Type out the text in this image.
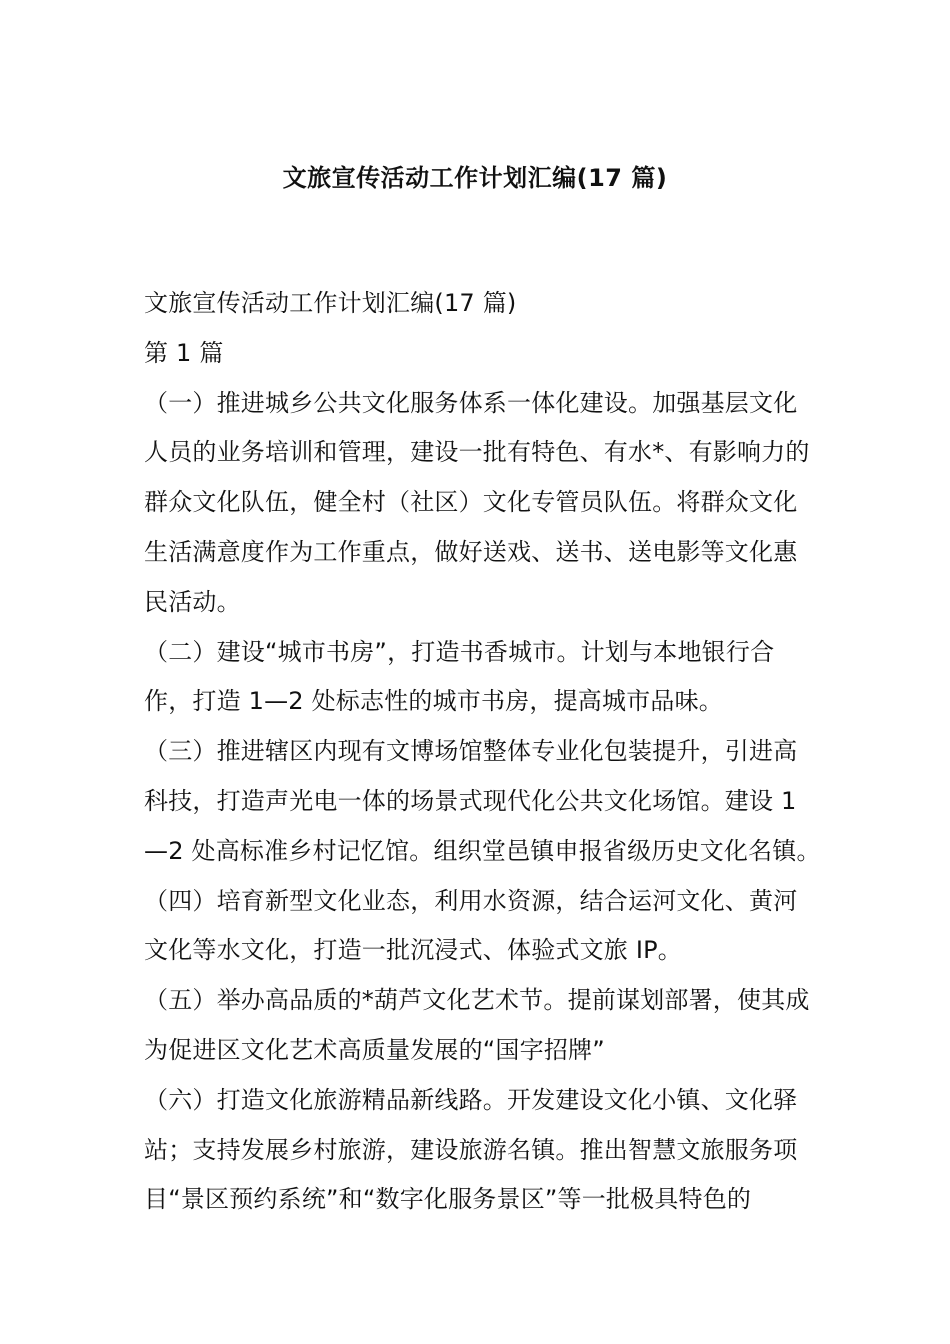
文旅宣传活动工作计划汇编(17 篇)
文旅宣传活动工作计划汇编(17 篇)
第 1 篇
（一）推进城乡公共文化服务体系一体化建设。加强基层文化
人员的业务培训和管理，建设一批有特色、有水*、有影响力的
群众文化队伍，健全村（社区）文化专管员队伍。将群众文化
生活满意度作为工作重点，做好送戏、送书、送电影等文化惠
民活动。
（二）建设“城市书房”，打造书香城市。计划与本地银行合
作，打造 1—2 处标志性的城市书房，提高城市品味。
（三）推进辖区内现有文博场馆整体专业化包装提升，引进高
科技，打造声光电一体的场景式现代化公共文化场馆。建设 1
—2 处高标准乡村记忆馆。组织堂邑镇申报省级历史文化名镇。
（四）培育新型文化业态，利用水资源，结合运河文化、黄河
文化等水文化，打造一批沉浸式、体验式文旅 IP。
（五）举办高品质的*葫芦文化艺术节。提前谋划部署，使其成
为促进区文化艺术高质量发展的“国字招牌”
（六）打造文化旅游精品新线路。开发建设文化小镇、文化驿
站；支持发展乡村旅游，建设旅游名镇。推出智慧文旅服务项
目“景区预约系统”和“数字化服务景区”等一批极具特色的
